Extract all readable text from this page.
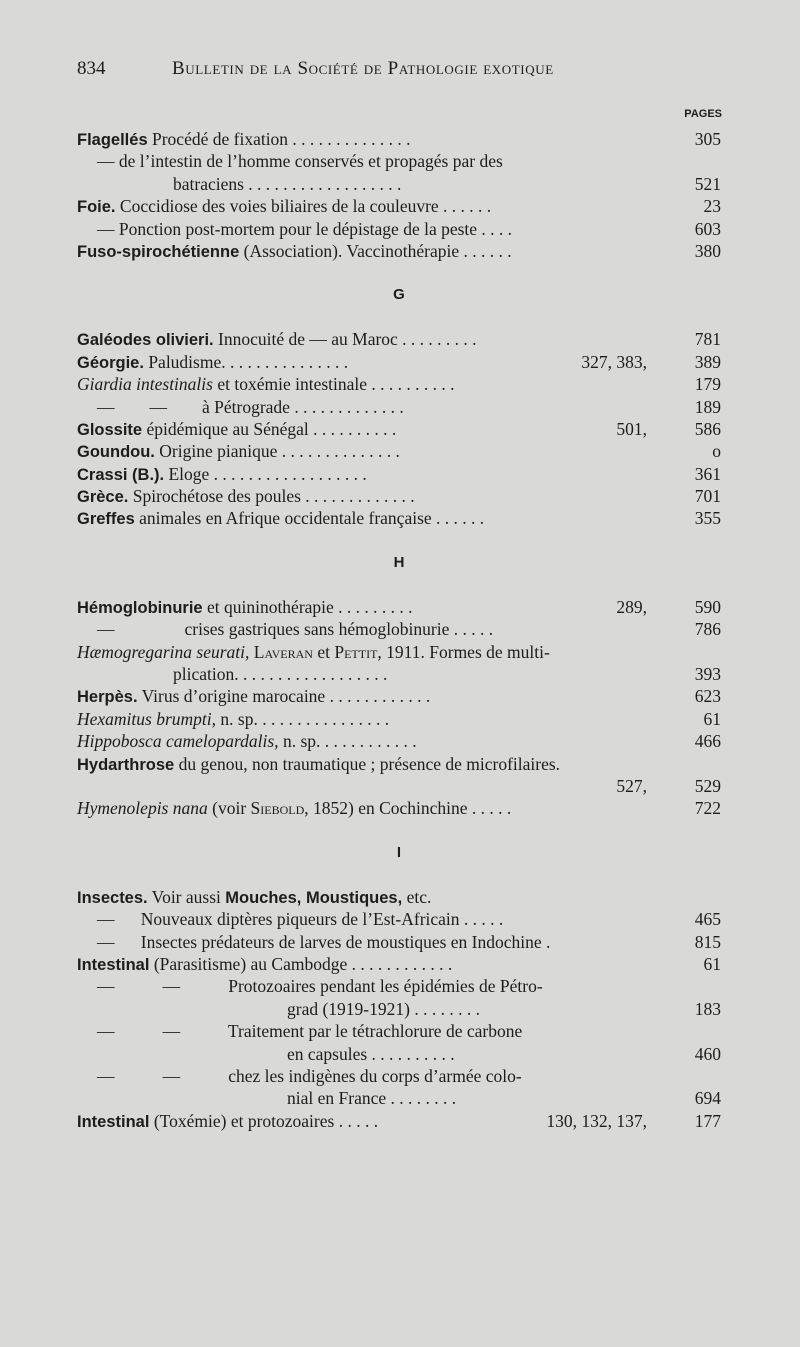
834	Bulletin de la Société de Pathologie exotique
PAGES
Flagellés Procédé de fixation . . . . . . . . . . . . . .	305
— de l’intestin de l’homme conservés et propagés par des
batraciens . . . . . . . . . . . . . . . . . .	521
Foie. Coccidiose des voies biliaires de la couleuvre . . . . . .	23
— Ponction post-mortem pour le dépistage de la peste . . . .	603
Fuso-spirochétienne (Association). Vaccinothérapie . . . . . .	380
G
Galéodes olivieri. Innocuité de — au Maroc . . . . . . . . .	781
Géorgie. Paludisme. . . . . . . . . . . . . . .	327, 383,	389
Giardia intestinalis et toxémie intestinale . . . . . . . . . .	179
—        —        à Pétrograde . . . . . . . . . . . . .	189
Glossite épidémique au Sénégal . . . . . . . . . .	501,	586
Goundou. Origine pianique . . . . . . . . . . . . . .	o
Crassi (B.). Eloge . . . . . . . . . . . . . . . . . .	361
Grèce. Spirochétose des poules . . . . . . . . . . . . .	701
Greffes animales en Afrique occidentale française . . . . . .	355
H
Hémoglobinurie et quininothérapie . . . . . . . . .	289,	590
—                crises gastriques sans hémoglobinurie . . . . .	786
Hæmogregarina seurati, Laveran et Pettit, 1911. Formes de multi-
plication. . . . . . . . . . . . . . . . . .	393
Herpès. Virus d’origine marocaine . . . . . . . . . . . .	623
Hexamitus brumpti, n. sp. . . . . . . . . . . . . . . .	61
Hippobosca camelopardalis, n. sp. . . . . . . . . . . .	466
Hydarthrose du genou, non traumatique ; présence de microfilaires.
527,	529
Hymenolepis nana (voir Siebold, 1852) en Cochinchine . . . . .	722
I
Insectes. Voir aussi Mouches, Moustiques, etc.
—      Nouveaux diptères piqueurs de l’Est-Africain . . . . .	465
—      Insectes prédateurs de larves de moustiques en Indochine .	815
Intestinal (Parasitisme) au Cambodge . . . . . . . . . . . .	61
—           —           Protozoaires pendant les épidémies de Pétro-
grad (1919-1921) . . . . . . . .	183
—           —           Traitement par le tétrachlorure de carbone
en capsules . . . . . . . . . .	460
—           —           chez les indigènes du corps d’armée colo-
nial en France . . . . . . . .	694
Intestinal (Toxémie) et protozoaires . . . . .	130, 132, 137,	177
